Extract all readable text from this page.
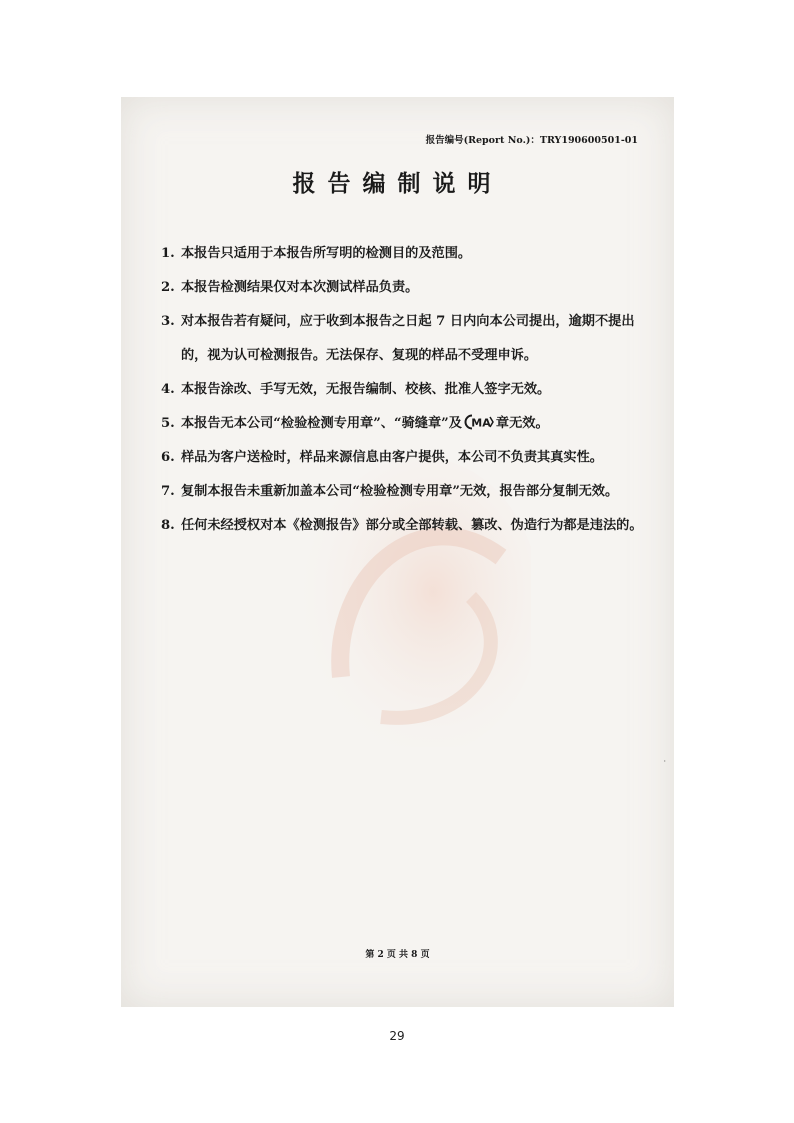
报告编号(Report No.)：TRY190600501-01
报告编制说明
1. 本报告只适用于本报告所写明的检测目的及范围。
2. 本报告检测结果仅对本次测试样品负责。
3. 对本报告若有疑问，应于收到本报告之日起 7 日内向本公司提出，逾期不提出的，视为认可检测报告。无法保存、复现的样品不受理申诉。
4. 本报告涂改、手写无效，无报告编制、校核、批准人签字无效。
5. 本报告无本公司“检验检测专用章”、“骑缝章”及 MA 章无效。
6. 样品为客户送检时，样品来源信息由客户提供，本公司不负责其真实性。
7. 复制本报告未重新加盖本公司“检验检测专用章”无效，报告部分复制无效。
8. 任何未经授权对本《检测报告》部分或全部转载、篡改、伪造行为都是违法的。
·
第 2 页 共 8 页
29
